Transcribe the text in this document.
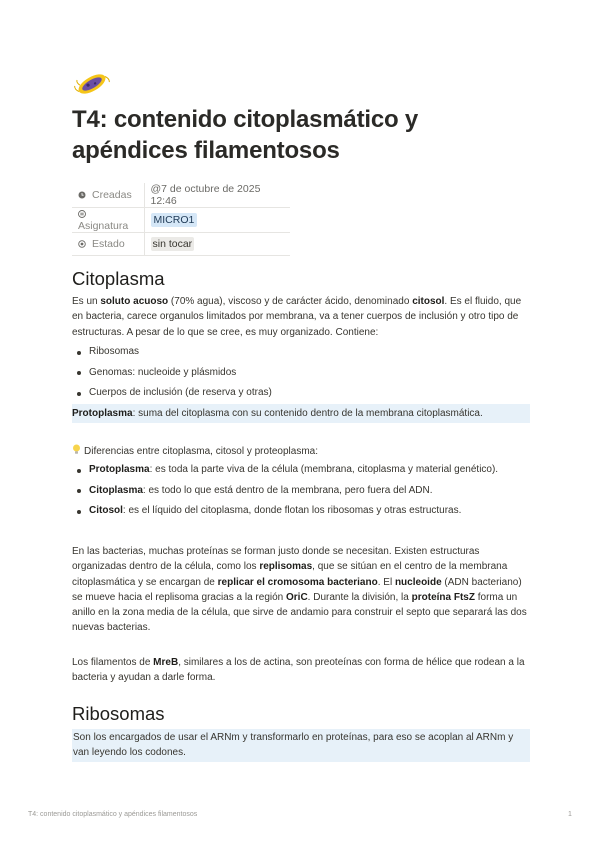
T4: contenido citoplasmático y
apéndices filamentosos
Creadas	@7 de octubre de 2025 12:46
Asignatura	MICRO1
Estado	sin tocar
Citoplasma
Es un soluto acuoso (70% agua), viscoso y de carácter ácido, denominado citosol. Es el fluido, que en bacteria, carece organulos limitados por membrana, va a tener cuerpos de inclusión y otro tipo de estructuras. A pesar de lo que se cree, es muy organizado. Contiene:
Ribosomas
Genomas: nucleoide y plásmidos
Cuerpos de inclusión (de reserva y otras)
Protoplasma: suma del citoplasma con su contenido dentro de la membrana citoplasmática.
Diferencias entre citoplasma, citosol y proteoplasma:
Protoplasma: es toda la parte viva de la célula (membrana, citoplasma y material genético).
Citoplasma: es todo lo que está dentro de la membrana, pero fuera del ADN.
Citosol: es el líquido del citoplasma, donde flotan los ribosomas y otras estructuras.
En las bacterias, muchas proteínas se forman justo donde se necesitan. Existen estructuras organizadas dentro de la célula, como los replisomas, que se sitúan en el centro de la membrana citoplasmática y se encargan de replicar el cromosoma bacteriano. El nucleoide (ADN bacteriano) se mueve hacia el replisoma gracias a la región OriC. Durante la división, la proteína FtsZ forma un anillo en la zona media de la célula, que sirve de andamio para construir el septo que separará las dos nuevas bacterias.
Los filamentos de MreB, similares a los de actina, son preoteínas con forma de hélice que rodean a la bacteria y ayudan a darle forma.
Ribosomas
Son los encargados de usar el ARNm y transformarlo en proteínas, para eso se acoplan al ARNm y van leyendo los codones.
T4: contenido citoplasmático y apéndices filamentosos	1
